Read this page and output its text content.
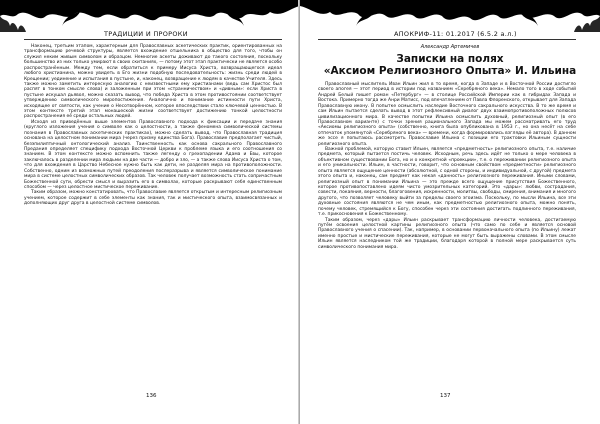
ТРАДИЦИИ И ПРОРОКИ

Наконец, третьим этапом, характерным для Православных аскетических практик, ориентированных на трансформацию речевой структуры, является вхождение отшельника в общество для того, чтобы он служил неким живым символом и образцом. Немногие аскеты доживают до такого состояния, поскольку большинство из них только умирают в своих скитаниях, — потому этот этап практически не является особо распространённым. Между тем, если обратиться к примеру Иисуса Христа, возвращающегося идеал любого христианина, можно увидеть в Его жизни подобную последовательность: жизнь среди людей в Крещении; уединение и испытания в пустыне, и, наконец, возвращение к людям в качестве Учителя. Здесь также можно заметить интересную аналогию с неизвестными ему христианами (ведь сам Христос был распят в тонком смысле слова) и заложенным при этом «странничеством» и «дивным»: если Христа в пустыне искушал дьявол, можно сказать вывод, что победа Христа в этом противостоянии соответствует утверждению символического миропостижения. Аналогично и понимание истинности пути Христа, исходящее от святости, как учение о Несотворённом, которое впоследствии стало ключевой ценностью. В этом контексте третий этап монашеской жизни соответствует достижению тонкой целостности распространения её среди остальных людей.

Исходя из приведённых выше элементов Православного подхода к фиксации и передаче знания (круглого изложения учения о символе как о целостности, а также феномена символической системы познания в Православных аскетических практиках), можно сделать вывод, что Православная традиция основана на целостном понимании мира (через призму единства Бога). Православие предполагает чистый, безэпилиптичный онтологический анализ. Таинственность как основа сакрального Православного Предания определяет специфику подхода Восточной Церкви к проблеме языка и его соотношения со знанием. В этом контексте можно вспомнить также легенду о грехопадении Адама и Евы, которое заключалось в разделении мира людьми на две части — добро и зло, — а также слова Иисуса Христа о том, что для вхождения в Царство Небесное нужно быть как дети, не разделяя мира на противоположности. Собственно, одним из возможных путей преодоления послеразрыва и является символическое понимание мира в системе целостных символических образов. Так человек получает возможность стать сопричастным Божественной сути, обрести смысл и выразить его в символах, которые раскрывают себя единственным способом — через целостное мистическое переживание.

Таким образом, можно констатировать, что Православие является открытым и интересным религиозным учением, которое содержит в себе элементы как знания, так и мистического опыта, взаимосвязанных и дополняющих друг друга в целостной системе символов.

136
АПОКРИФ-11: 01.2017 (6.5.2 а.л.)
Александр Артемичев
Записки на полях
«Аксиом Религиозного Опыта» И. Ильина

Православный мыслитель Иван Ильин жил в то время, когда в Западе и в Восточной России достигло своего апогея — этот период в истории под названием «Серебряного века». Немало того в ходе событий Андрей Белый пишет роман «Петербург» — в столице Российской Империи как в гибридах Запада и Востока. Примерно тогда же Анри Матисс, под впечатлением от Павла Флоренского, открывает для Запада Православную икону. В попытке осмыслить наследие Восточного сакрального искусства. В то же время и сам Ильин пытается сделать вывод в этот рефлексивный диалог двух взаимопротивоположных полюсов цивилизационного мира. В качестве попытки Ильина осмыслить духовный, религиозный опыт (в его Православном варианте) с точки зрения рационального Запада мы можем рассматривать его труд «Аксиомы религиозного опыта» (собственно, книга была опубликована в 1953 г., но она несёт на себе отпечаток упомянутой «Серебряного века» — времени, когда формировались взгляды её автора). В данном же эссе я попытаюсь рассмотреть Православие Ильина с позиции его трактовки Ильиным сущности религиозного опыта.

Важной проблемой, которую ставит Ильин, является «предметность» религиозного опыта, т.е. наличие предмета, который пытается постичь человек. Исходным, речь здесь идёт не только о мере человека в объективном существовании Бога, но и о конкретной «проекции», т.е. о переживании религиозного опыта и его уникальности. Ильин, в частности, говорит, что основным свойством «предметности» религиозного опыта является ощущение ценности (абсолютной, с одной стороны, и индивидуальной, с другой) предмета этого опыта и, наконец, сам предмет как некая «данность» религиозного переживания. Иными словами, религиозный опыт в понимании Ильина — это прежде всего ощущение присутствия Божественного, которое противопоставлено идеям чисто умозрительных категорий. Это «дары»: любви, сострадания, совести, покаяния, верности, благоговения, искренности, молитвы, свободы, смирения, внимания и многого другого, что позволяет человеку выйти за пределы своего эгоизма. Поскольку, по мысли Ильина, все эти духовные состояния являются не чем иным, как предметностью религиозного опыта, можно понять, почему человек, стремящийся к Богу, способен через эти состояния достигать подлинного переживания, т.е. прикосновения к Божественному.

Таким образом, через «дары» Ильин раскрывает трансформацию личности человека, достигаемую путём освоения целостной картины религиозного опыта (что само по себе и является основой Православного учения о спасении). Так, например, в основании первоначального опыта (по Ильину) лежат именно простые и мистические переживания, которые не могут быть выражены словами. В этом смысле Ильин является наследником той же традиции, благодаря которой в полной мере раскрывается суть символического понимания мира.

137
